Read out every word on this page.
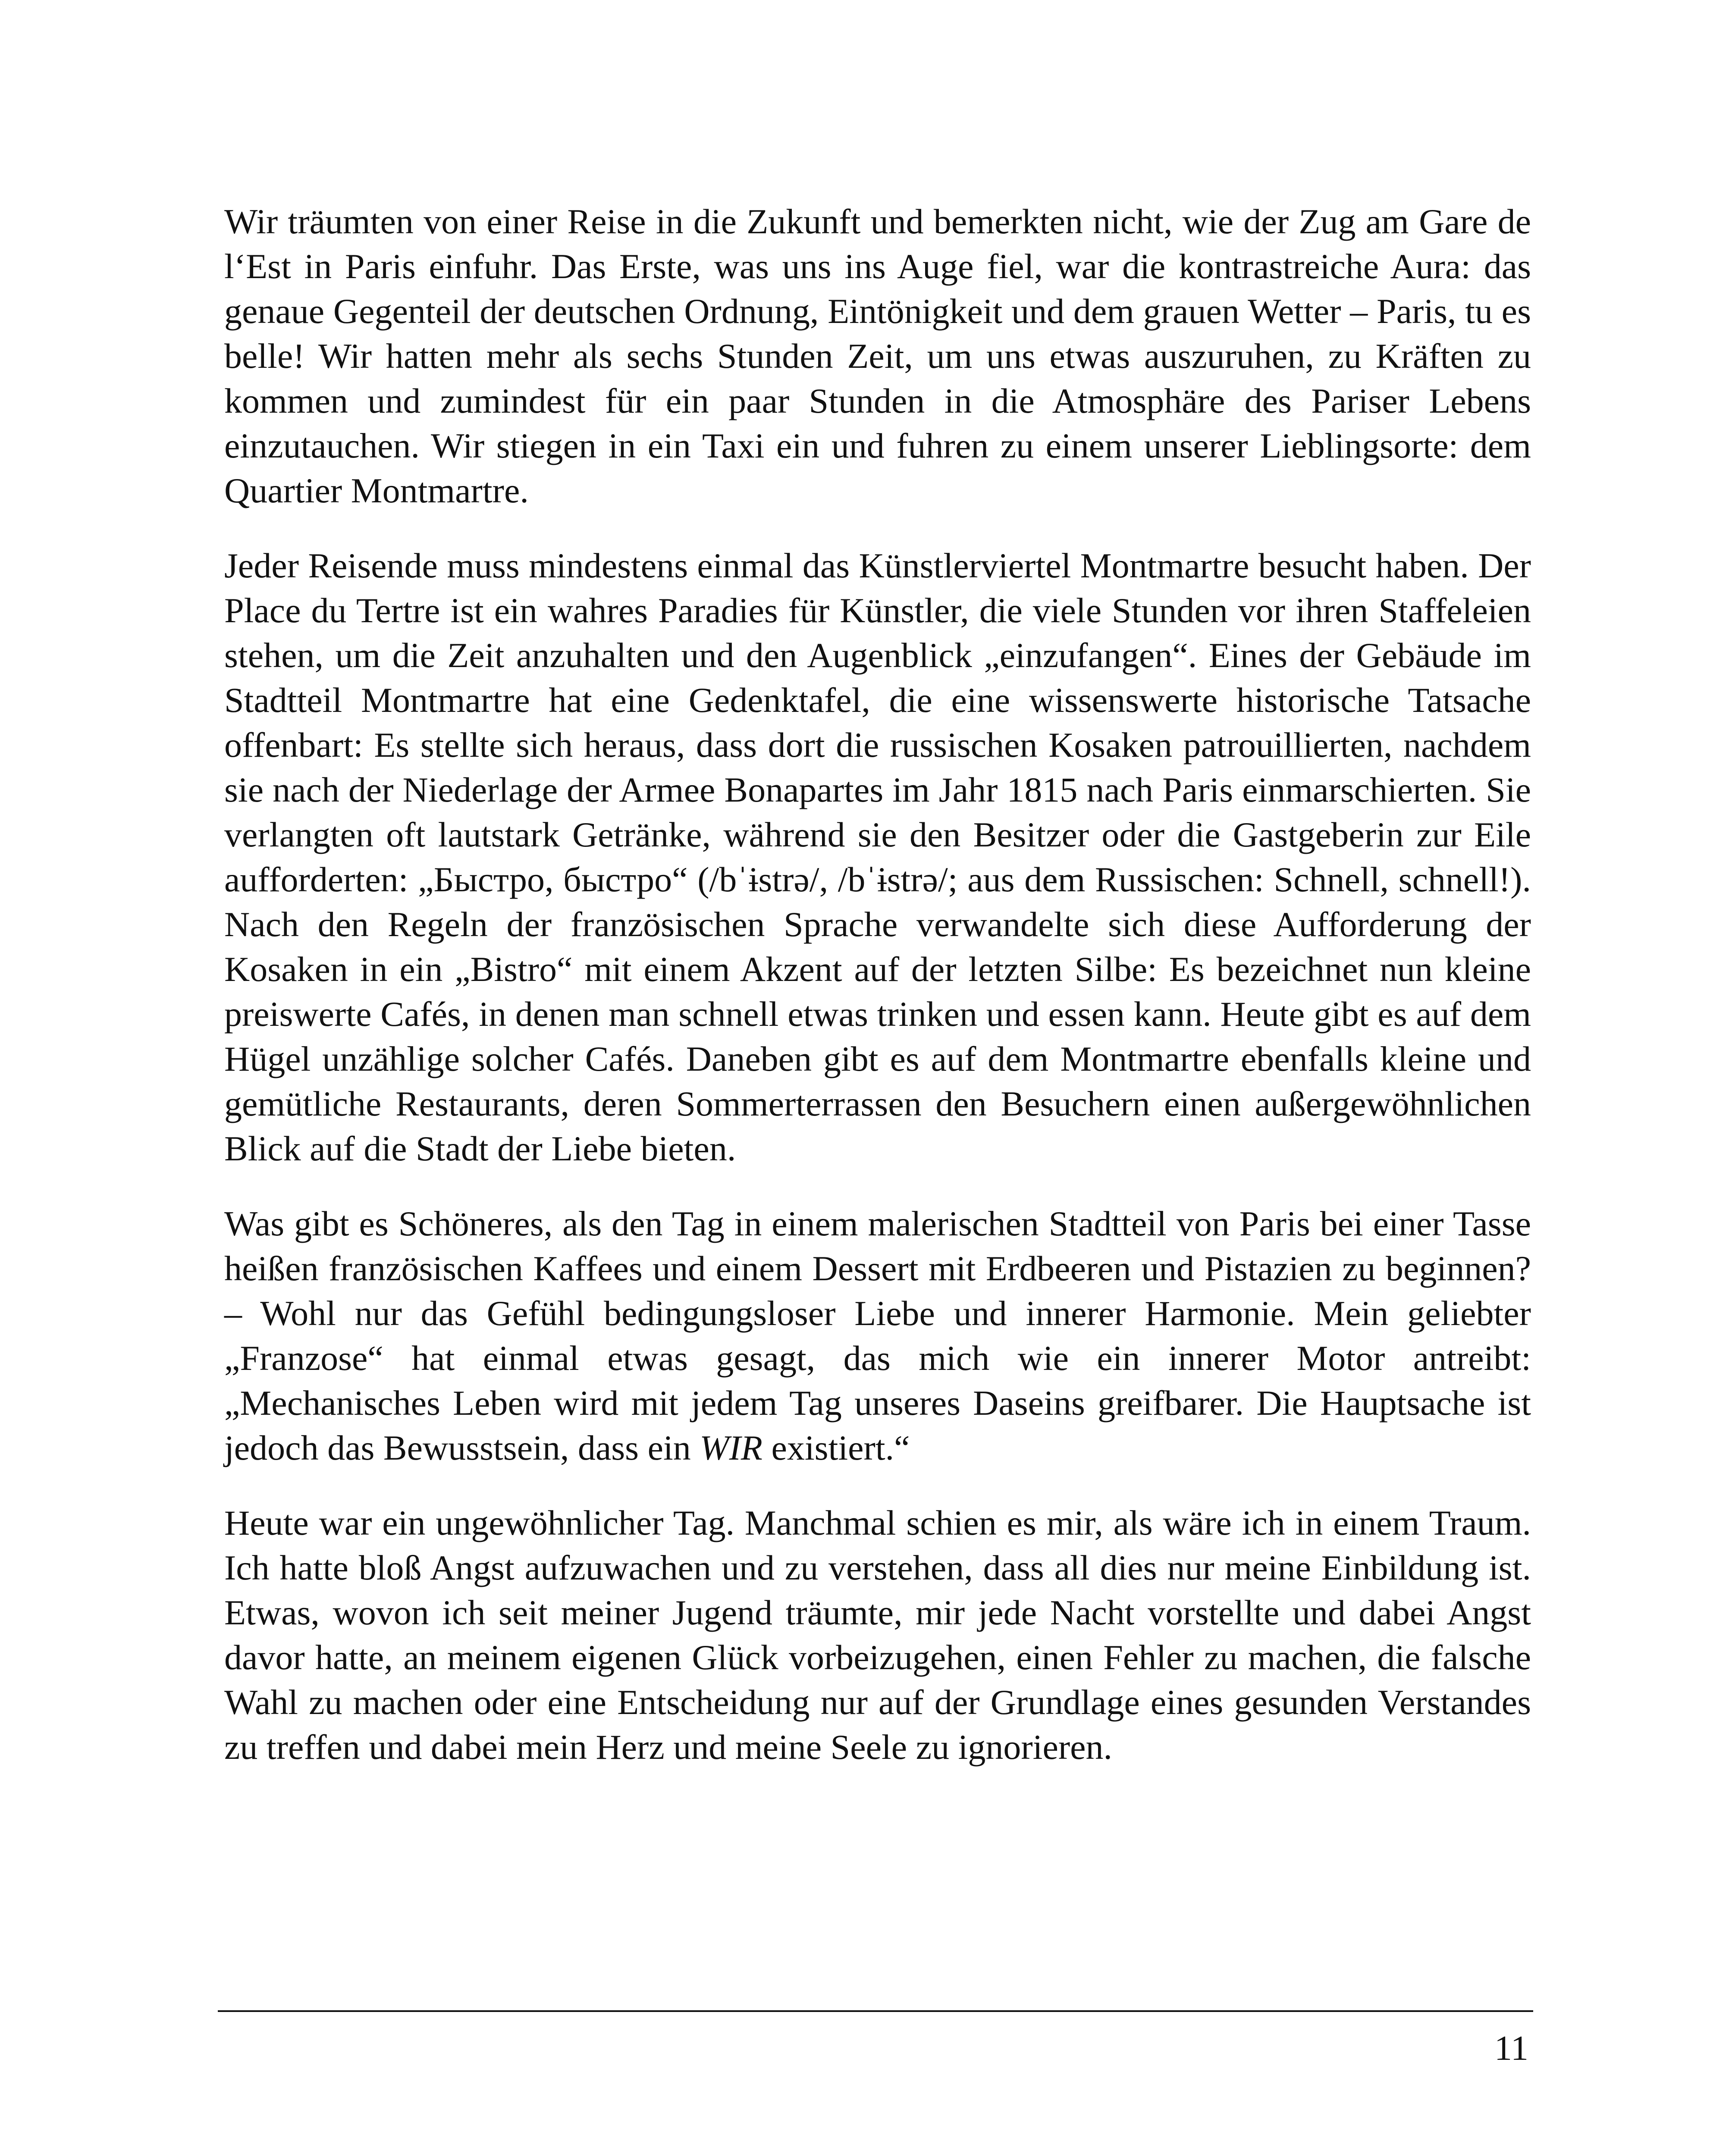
Wir träumten von einer Reise in die Zukunft und bemerkten nicht, wie der Zug am Gare de l‘Est in Paris einfuhr. Das Erste, was uns ins Auge fiel, war die kontrastreiche Aura: das genaue Gegenteil der deutschen Ordnung, Eintönigkeit und dem grauen Wetter – Paris, tu es belle! Wir hatten mehr als sechs Stunden Zeit, um uns etwas auszuruhen, zu Kräften zu kommen und zumindest für ein paar Stunden in die Atmosphäre des Pariser Lebens einzutauchen. Wir stiegen in ein Taxi ein und fuhren zu einem unserer Lieblingsorte: dem Quartier Montmartre.

Jeder Reisende muss mindestens einmal das Künstlerviertel Montmartre besucht haben. Der Place du Tertre ist ein wahres Paradies für Künstler, die viele Stunden vor ihren Staffeleien stehen, um die Zeit anzuhalten und den Augenblick „einzufangen“. Eines der Gebäude im Stadtteil Montmartre hat eine Gedenktafel, die eine wissenswerte historische Tatsache offenbart: Es stellte sich heraus, dass dort die russischen Kosaken patrouillierten, nachdem sie nach der Niederlage der Armee Bonapartes im Jahr 1815 nach Paris einmarschierten. Sie verlangten oft lautstark Getränke, während sie den Besitzer oder die Gastgeberin zur Eile aufforderten: „Быстро, быстро“ (/bˈɨstrə/, /bˈɨstrə/; aus dem Russischen: Schnell, schnell!). Nach den Regeln der französischen Sprache verwandelte sich diese Aufforderung der Kosaken in ein „Bistro“ mit einem Akzent auf der letzten Silbe: Es bezeichnet nun kleine preiswerte Cafés, in denen man schnell etwas trinken und essen kann. Heute gibt es auf dem Hügel unzählige solcher Cafés. Daneben gibt es auf dem Montmartre ebenfalls kleine und gemütliche Restaurants, deren Sommerterrassen den Besuchern einen außergewöhnlichen Blick auf die Stadt der Liebe bieten.

Was gibt es Schöneres, als den Tag in einem malerischen Stadtteil von Paris bei einer Tasse heißen französischen Kaffees und einem Dessert mit Erdbeeren und Pistazien zu beginnen? – Wohl nur das Gefühl bedingungsloser Liebe und innerer Harmonie. Mein geliebter „Franzose“ hat einmal etwas gesagt, das mich wie ein innerer Motor antreibt: „Mechanisches Leben wird mit jedem Tag unseres Daseins greifbarer. Die Hauptsache ist jedoch das Bewusstsein, dass ein WIR existiert.“

Heute war ein ungewöhnlicher Tag. Manchmal schien es mir, als wäre ich in einem Traum. Ich hatte bloß Angst aufzuwachen und zu verstehen, dass all dies nur meine Einbildung ist. Etwas, wovon ich seit meiner Jugend träumte, mir jede Nacht vorstellte und dabei Angst davor hatte, an meinem eigenen Glück vorbeizugehen, einen Fehler zu machen, die falsche Wahl zu machen oder eine Entscheidung nur auf der Grundlage eines gesunden Verstandes zu treffen und dabei mein Herz und meine Seele zu ignorieren.

11
